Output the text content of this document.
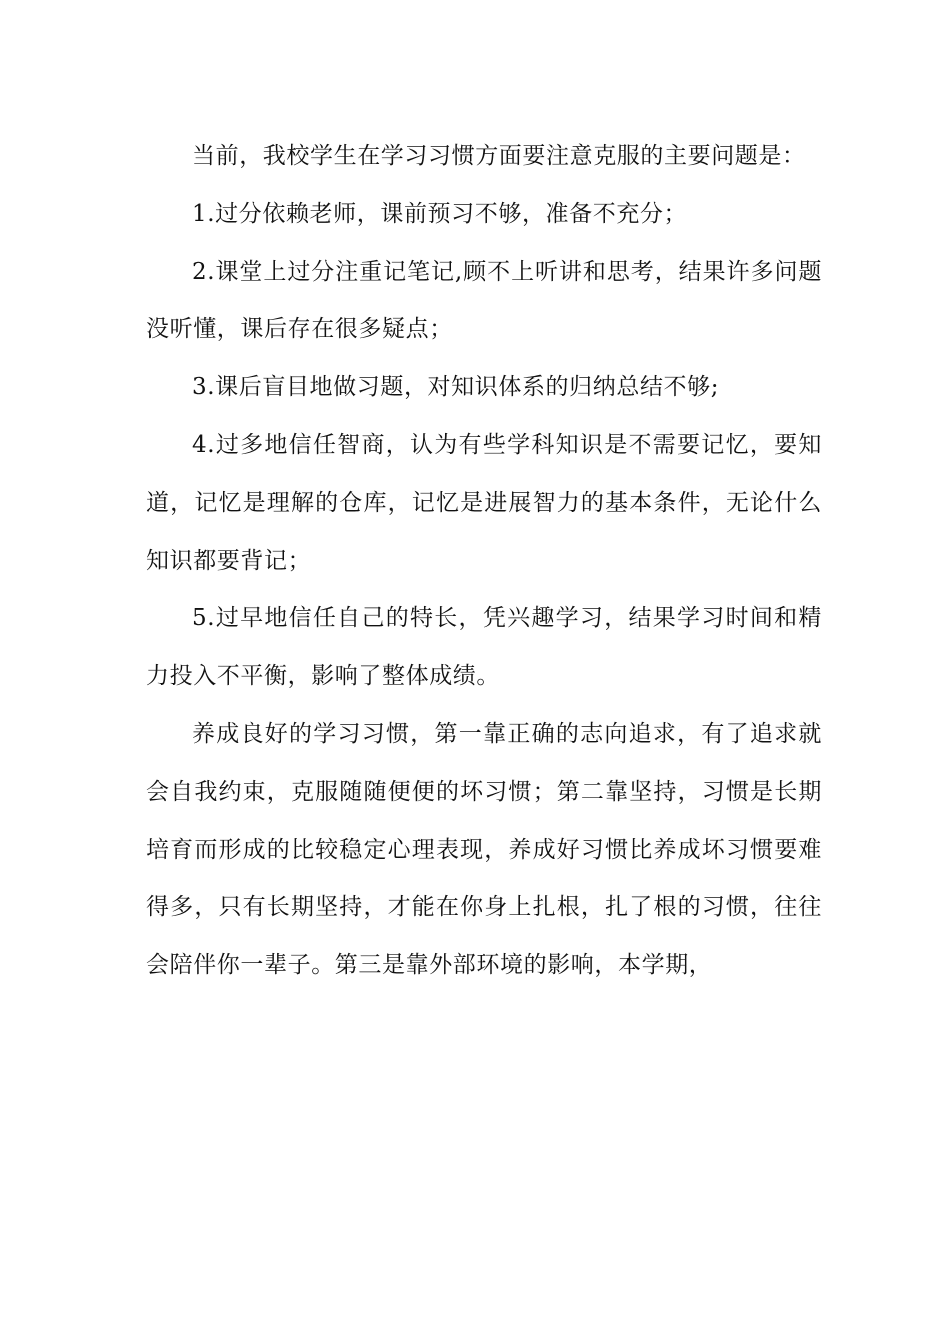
当前，我校学生在学习习惯方面要注意克服的主要问题是：

1.过分依赖老师，课前预习不够，准备不充分；

2.课堂上过分注重记笔记,顾不上听讲和思考，结果许多问题没听懂，课后存在很多疑点；

3.课后盲目地做习题，对知识体系的归纳总结不够;

4.过多地信任智商，认为有些学科知识是不需要记忆，要知道，记忆是理解的仓库，记忆是进展智力的基本条件，无论什么知识都要背记；

5.过早地信任自己的特长，凭兴趣学习，结果学习时间和精力投入不平衡，影响了整体成绩。

养成良好的学习习惯，第一靠正确的志向追求，有了追求就会自我约束，克服随随便便的坏习惯；第二靠坚持，习惯是长期培育而形成的比较稳定心理表现，养成好习惯比养成坏习惯要难得多，只有长期坚持，才能在你身上扎根，扎了根的习惯，往往会陪伴你一辈子。第三是靠外部环境的影响，本学期，
